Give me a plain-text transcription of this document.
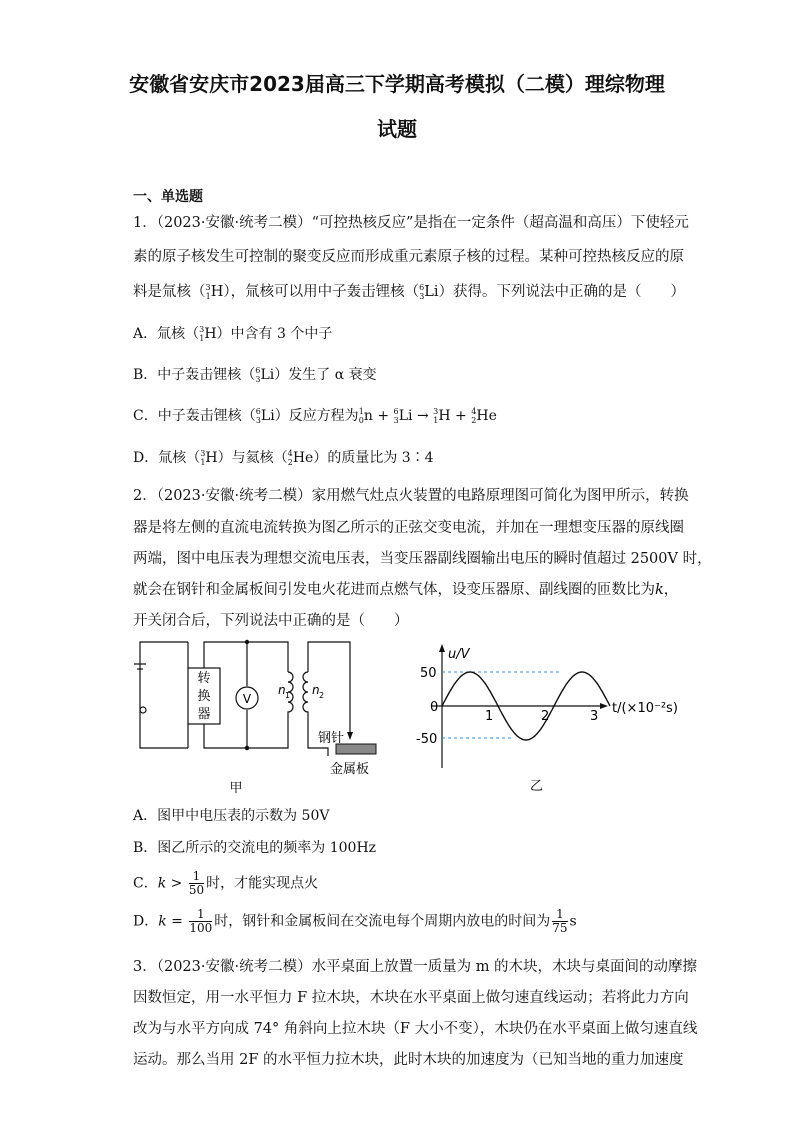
安徽省安庆市2023届高三下学期高考模拟（二模）理综物理
试题
一、单选题
1．（2023·安徽·统考二模）“可控热核反应”是指在一定条件（超高温和高压）下使轻元
素的原子核发生可控制的聚变反应而形成重元素原子核的过程。某种可控热核反应的原
料是氚核（$^3_1$H），氚核可以用中子轰击锂核（$^6_3$Li）获得。下列说法中正确的是（　　）
A．氚核（$^3_1$H）中含有 3 个中子
B．中子轰击锂核（$^6_3$Li）发生了 α 衰变
C．中子轰击锂核（$^6_3$Li）反应方程为$^1_0$n + $^6_3$Li → $^3_1$H + $^4_2$He
D．氚核（$^3_1$H）与氦核（$^4_2$He）的质量比为 3∶4
2．（2023·安徽·统考二模）家用燃气灶点火装置的电路原理图可简化为图甲所示，转换
器是将左侧的直流电流转换为图乙所示的正弦交变电流，并加在一理想变压器的原线圈
两端，图中电压表为理想交流电压表，当变压器副线圈输出电压的瞬时值超过 2500V 时，
就会在钢针和金属板间引发电火花进而点燃气体，设变压器原、副线圈的匝数比为k，
开关闭合后，下列说法中正确的是（　　）
转
换
器
V
n 1 n 2
钢针
金属板
甲
u/V
50
0
-50
1	2	3
t/(×10⁻²s)
乙
A．图甲中电压表的示数为 50V
B．图乙所示的交流电的频率为 100Hz
C．$k > \frac{1}{50}$ 时，才能实现点火
D．$k = \frac{1}{100}$ 时，钢针和金属板间在交流电每个周期内放电的时间为 $\frac{1}{75}$ s
3．（2023·安徽·统考二模）水平桌面上放置一质量为 m 的木块，木块与桌面间的动摩擦
因数恒定，用一水平恒力 F 拉木块，木块在水平桌面上做匀速直线运动；若将此力方向
改为与水平方向成 74° 角斜向上拉木块（F 大小不变），木块仍在水平桌面上做匀速直线
运动。那么当用 2F 的水平恒力拉木块，此时木块的加速度为（已知当地的重力加速度
